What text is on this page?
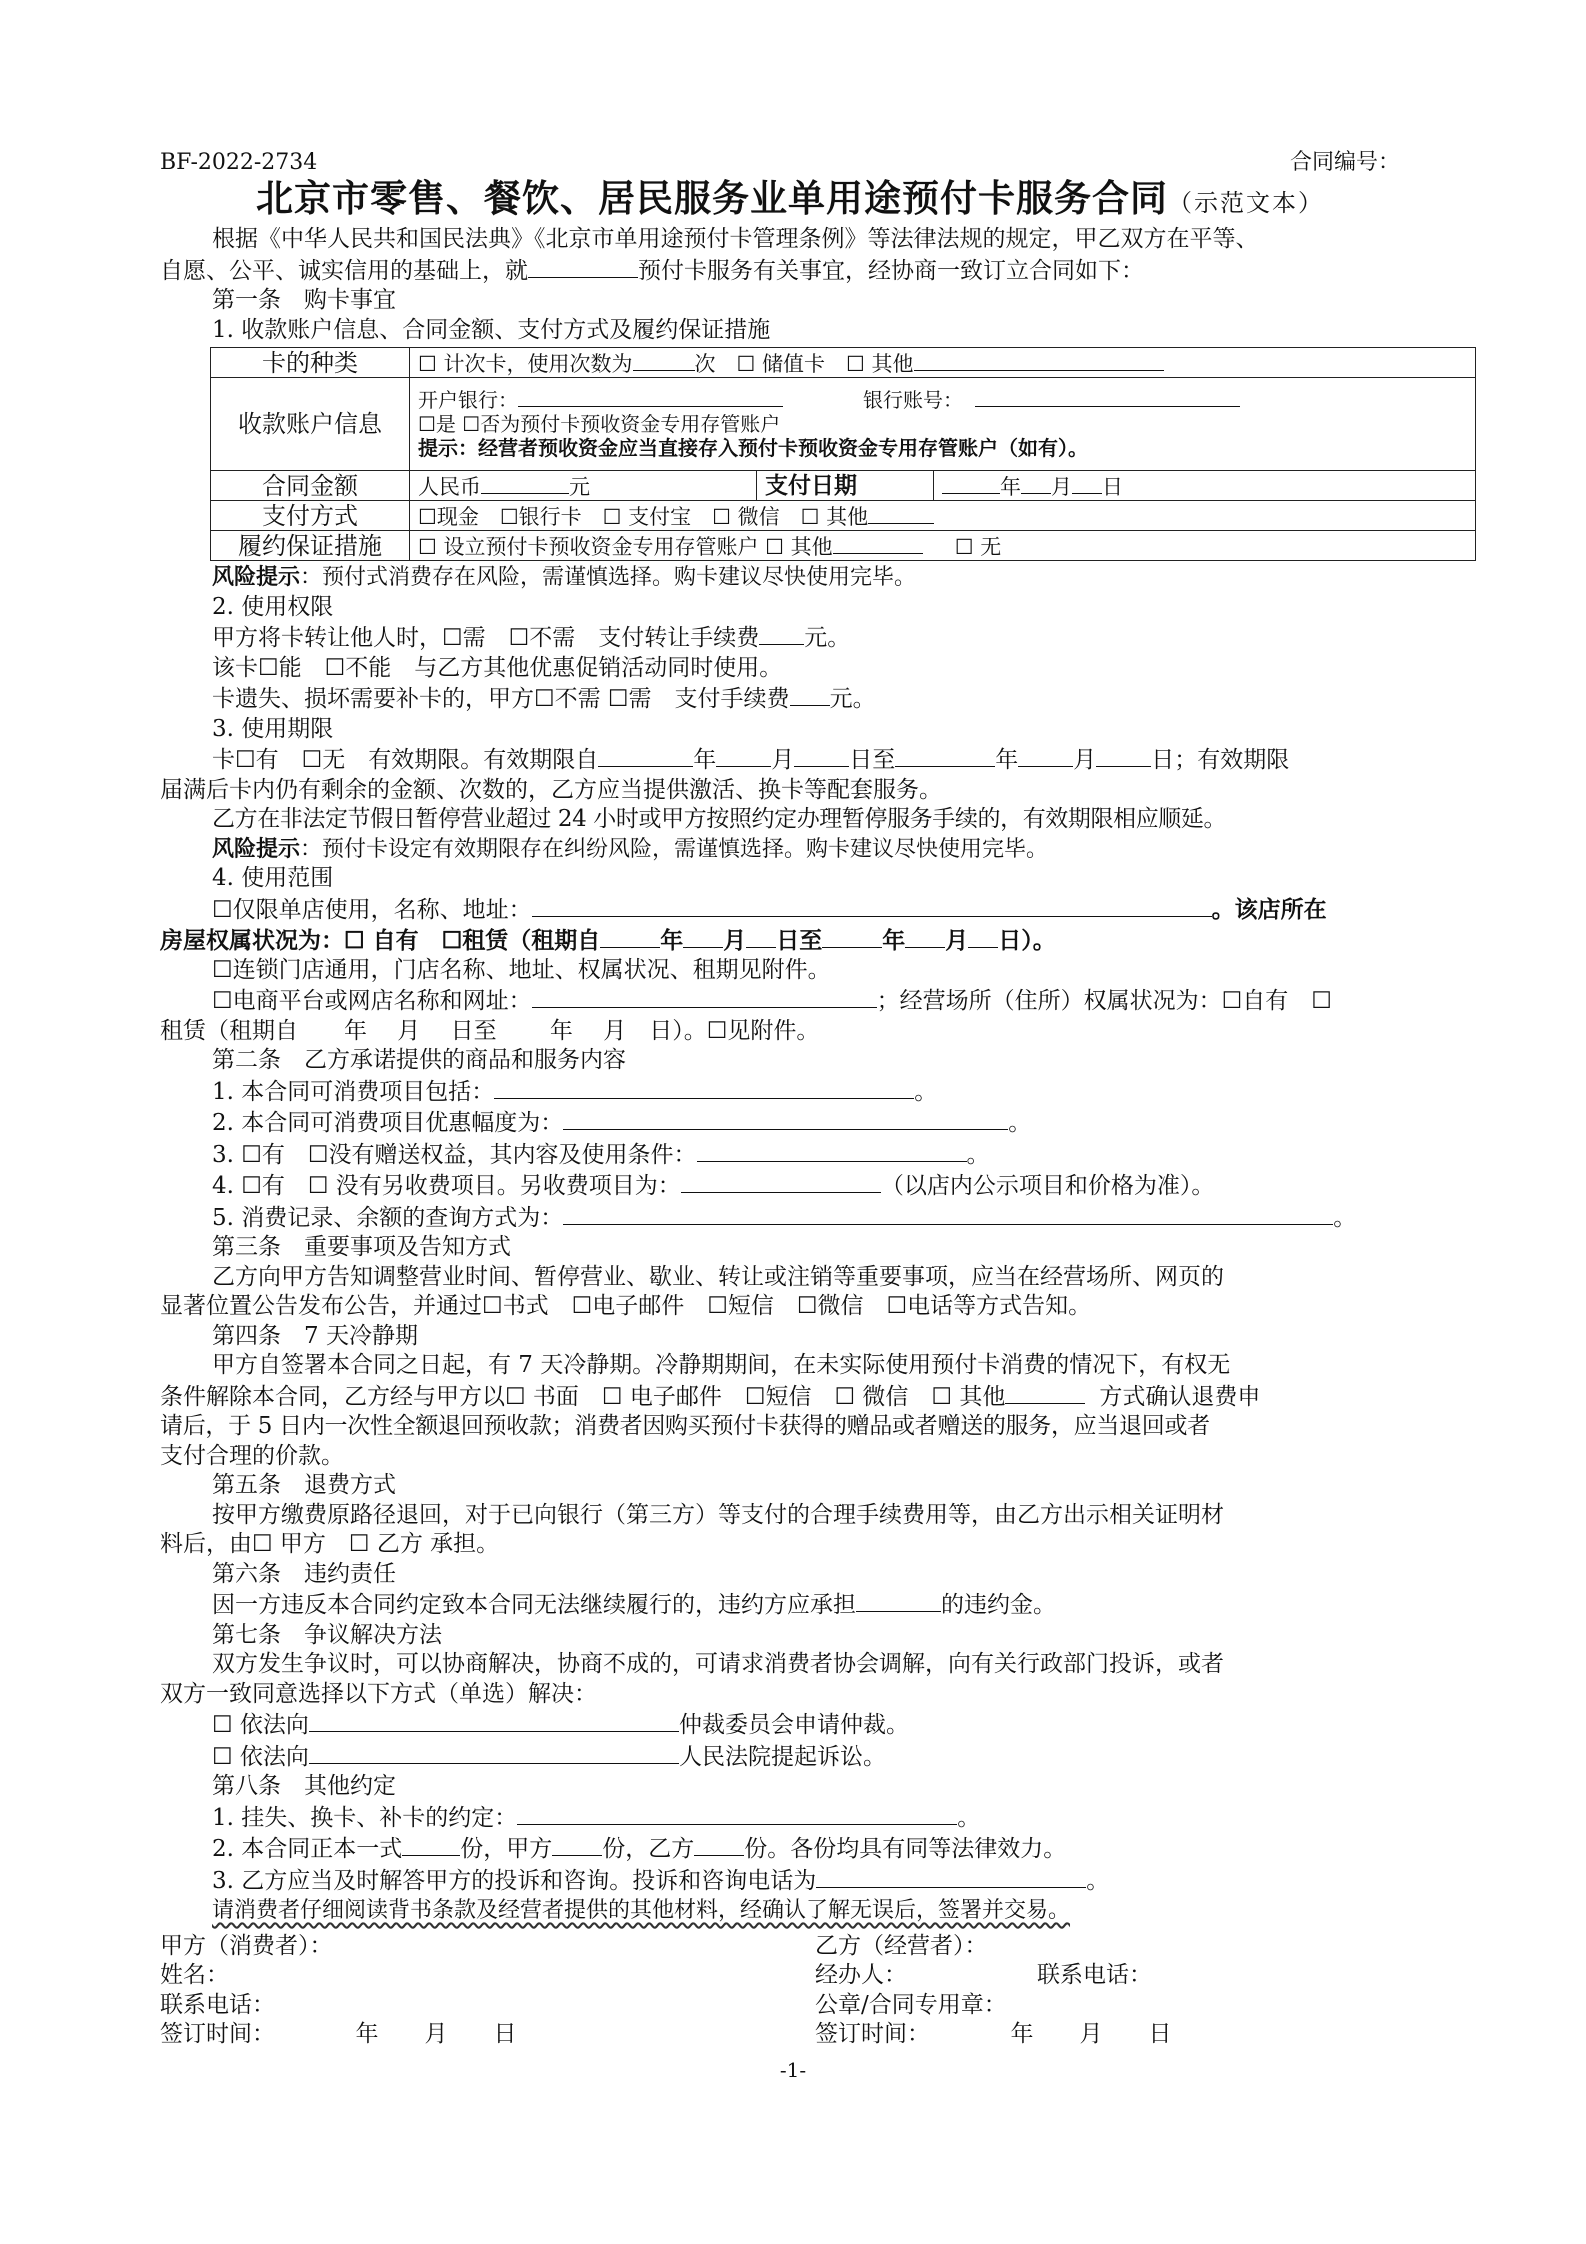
BF-2022-2734	合同编号：
北京市零售、餐饮、居民服务业单用途预付卡服务合同（示范文本）
根据《中华人民共和国民法典》《北京市单用途预付卡管理条例》等法律法规的规定，甲乙双方在平等、
自愿、公平、诚实信用的基础上，就	预付卡服务有关事宜，经协商一致订立合同如下：
第一条　购卡事宜
1. 收款账户信息、合同金额、支付方式及履约保证措施
卡的种类	☐ 计次卡，使用次数为 次　☐ 储值卡　☐ 其他		
收款账户信息	开户银行： 银行账号：
☐是 ☐否为预付卡预收资金专用存管账户
提示：经营者预收资金应当直接存入预付卡预收资金专用存管账户（如有）。		

合同金额	人民币 元	支付日期	年 月 日
支付方式	☐现金　☐银行卡　☐ 支付宝　☐ 微信　☐ 其他		
履约保证措施	☐ 设立预付卡预收资金专用存管账户 ☐ 其他 ☐ 无		
风险提示：预付式消费存在风险，需谨慎选择。购卡建议尽快使用完毕。
2. 使用权限
甲方将卡转让他人时，☐需　☐不需　支付转让手续费 元。
该卡☐能　☐不能　与乙方其他优惠促销活动同时使用。
卡遗失、损坏需要补卡的，甲方☐不需 ☐需　支付手续费 元。
3. 使用期限
卡☐有　☐无　有效期限。有效期限自	年 月 日至	年 月 日；有效期限
届满后卡内仍有剩余的金额、次数的，乙方应当提供激活、换卡等配套服务。
乙方在非法定节假日暂停营业超过 24 小时或甲方按照约定办理暂停服务手续的，有效期限相应顺延。
风险提示：预付卡设定有效期限存在纠纷风险，需谨慎选择。购卡建议尽快使用完毕。
4. 使用范围
☐仅限单店使用，名称、地址：	。该店所在
房屋权属状况为：☐ 自有　☐租赁（租期自	年 月 日至	年 月 日）。
☐连锁门店通用，门店名称、地址、权属状况、租期见附件。
☐电商平台或网店名称和网址：	；经营场所（住所）权属状况为：☐自有　☐
租赁（租期自　　年　 月　 日至　　 年　 月　日）。☐见附件。
第二条　乙方承诺提供的商品和服务内容
1. 本合同可消费项目包括：	。
2. 本合同可消费项目优惠幅度为：	。
3. ☐有　☐没有赠送权益，其内容及使用条件：	。
4. ☐有　☐ 没有另收费项目。另收费项目为：	（以店内公示项目和价格为准）。
5. 消费记录、余额的查询方式为：	。
第三条　重要事项及告知方式
乙方向甲方告知调整营业时间、暂停营业、歇业、转让或注销等重要事项，应当在经营场所、网页的
显著位置公告发布公告，并通过☐书式　☐电子邮件　☐短信　☐微信　☐电话等方式告知。
第四条　7 天冷静期
甲方自签署本合同之日起，有 7 天冷静期。冷静期期间，在未实际使用预付卡消费的情况下，有权无
条件解除本合同，乙方经与甲方以☐ 书面　☐ 电子邮件　☐短信　☐ 微信　☐ 其他	方式确认退费申
请后，于 5 日内一次性全额退回预收款；消费者因购买预付卡获得的赠品或者赠送的服务，应当退回或者
支付合理的价款。
第五条　退费方式
按甲方缴费原路径退回，对于已向银行（第三方）等支付的合理手续费用等，由乙方出示相关证明材
料后，由☐ 甲方　☐ 乙方 承担。
第六条　违约责任
因一方违反本合同约定致本合同无法继续履行的，违约方应承担	的违约金。
第七条　争议解决方法
双方发生争议时，可以协商解决，协商不成的，可请求消费者协会调解，向有关行政部门投诉，或者
双方一致同意选择以下方式（单选）解决：
☐ 依法向	仲裁委员会申请仲裁。
☐ 依法向	人民法院提起诉讼。
第八条　其他约定
1. 挂失、换卡、补卡的约定：	。
2. 本合同正本一式	份，甲方 份，乙方 份。各份均具有同等法律效力。
3. 乙方应当及时解答甲方的投诉和咨询。投诉和咨询电话为	。
请消费者仔细阅读背书条款及经营者提供的其他材料，经确认了解无误后，签署并交易。
甲方（消费者）：
姓名：
联系电话：
签订时间：　　　　年　　月　　日
乙方（经营者）：
经办人：	联系电话：
公章/合同专用章：
签订时间：　　　　年　　月　　日
-1-
